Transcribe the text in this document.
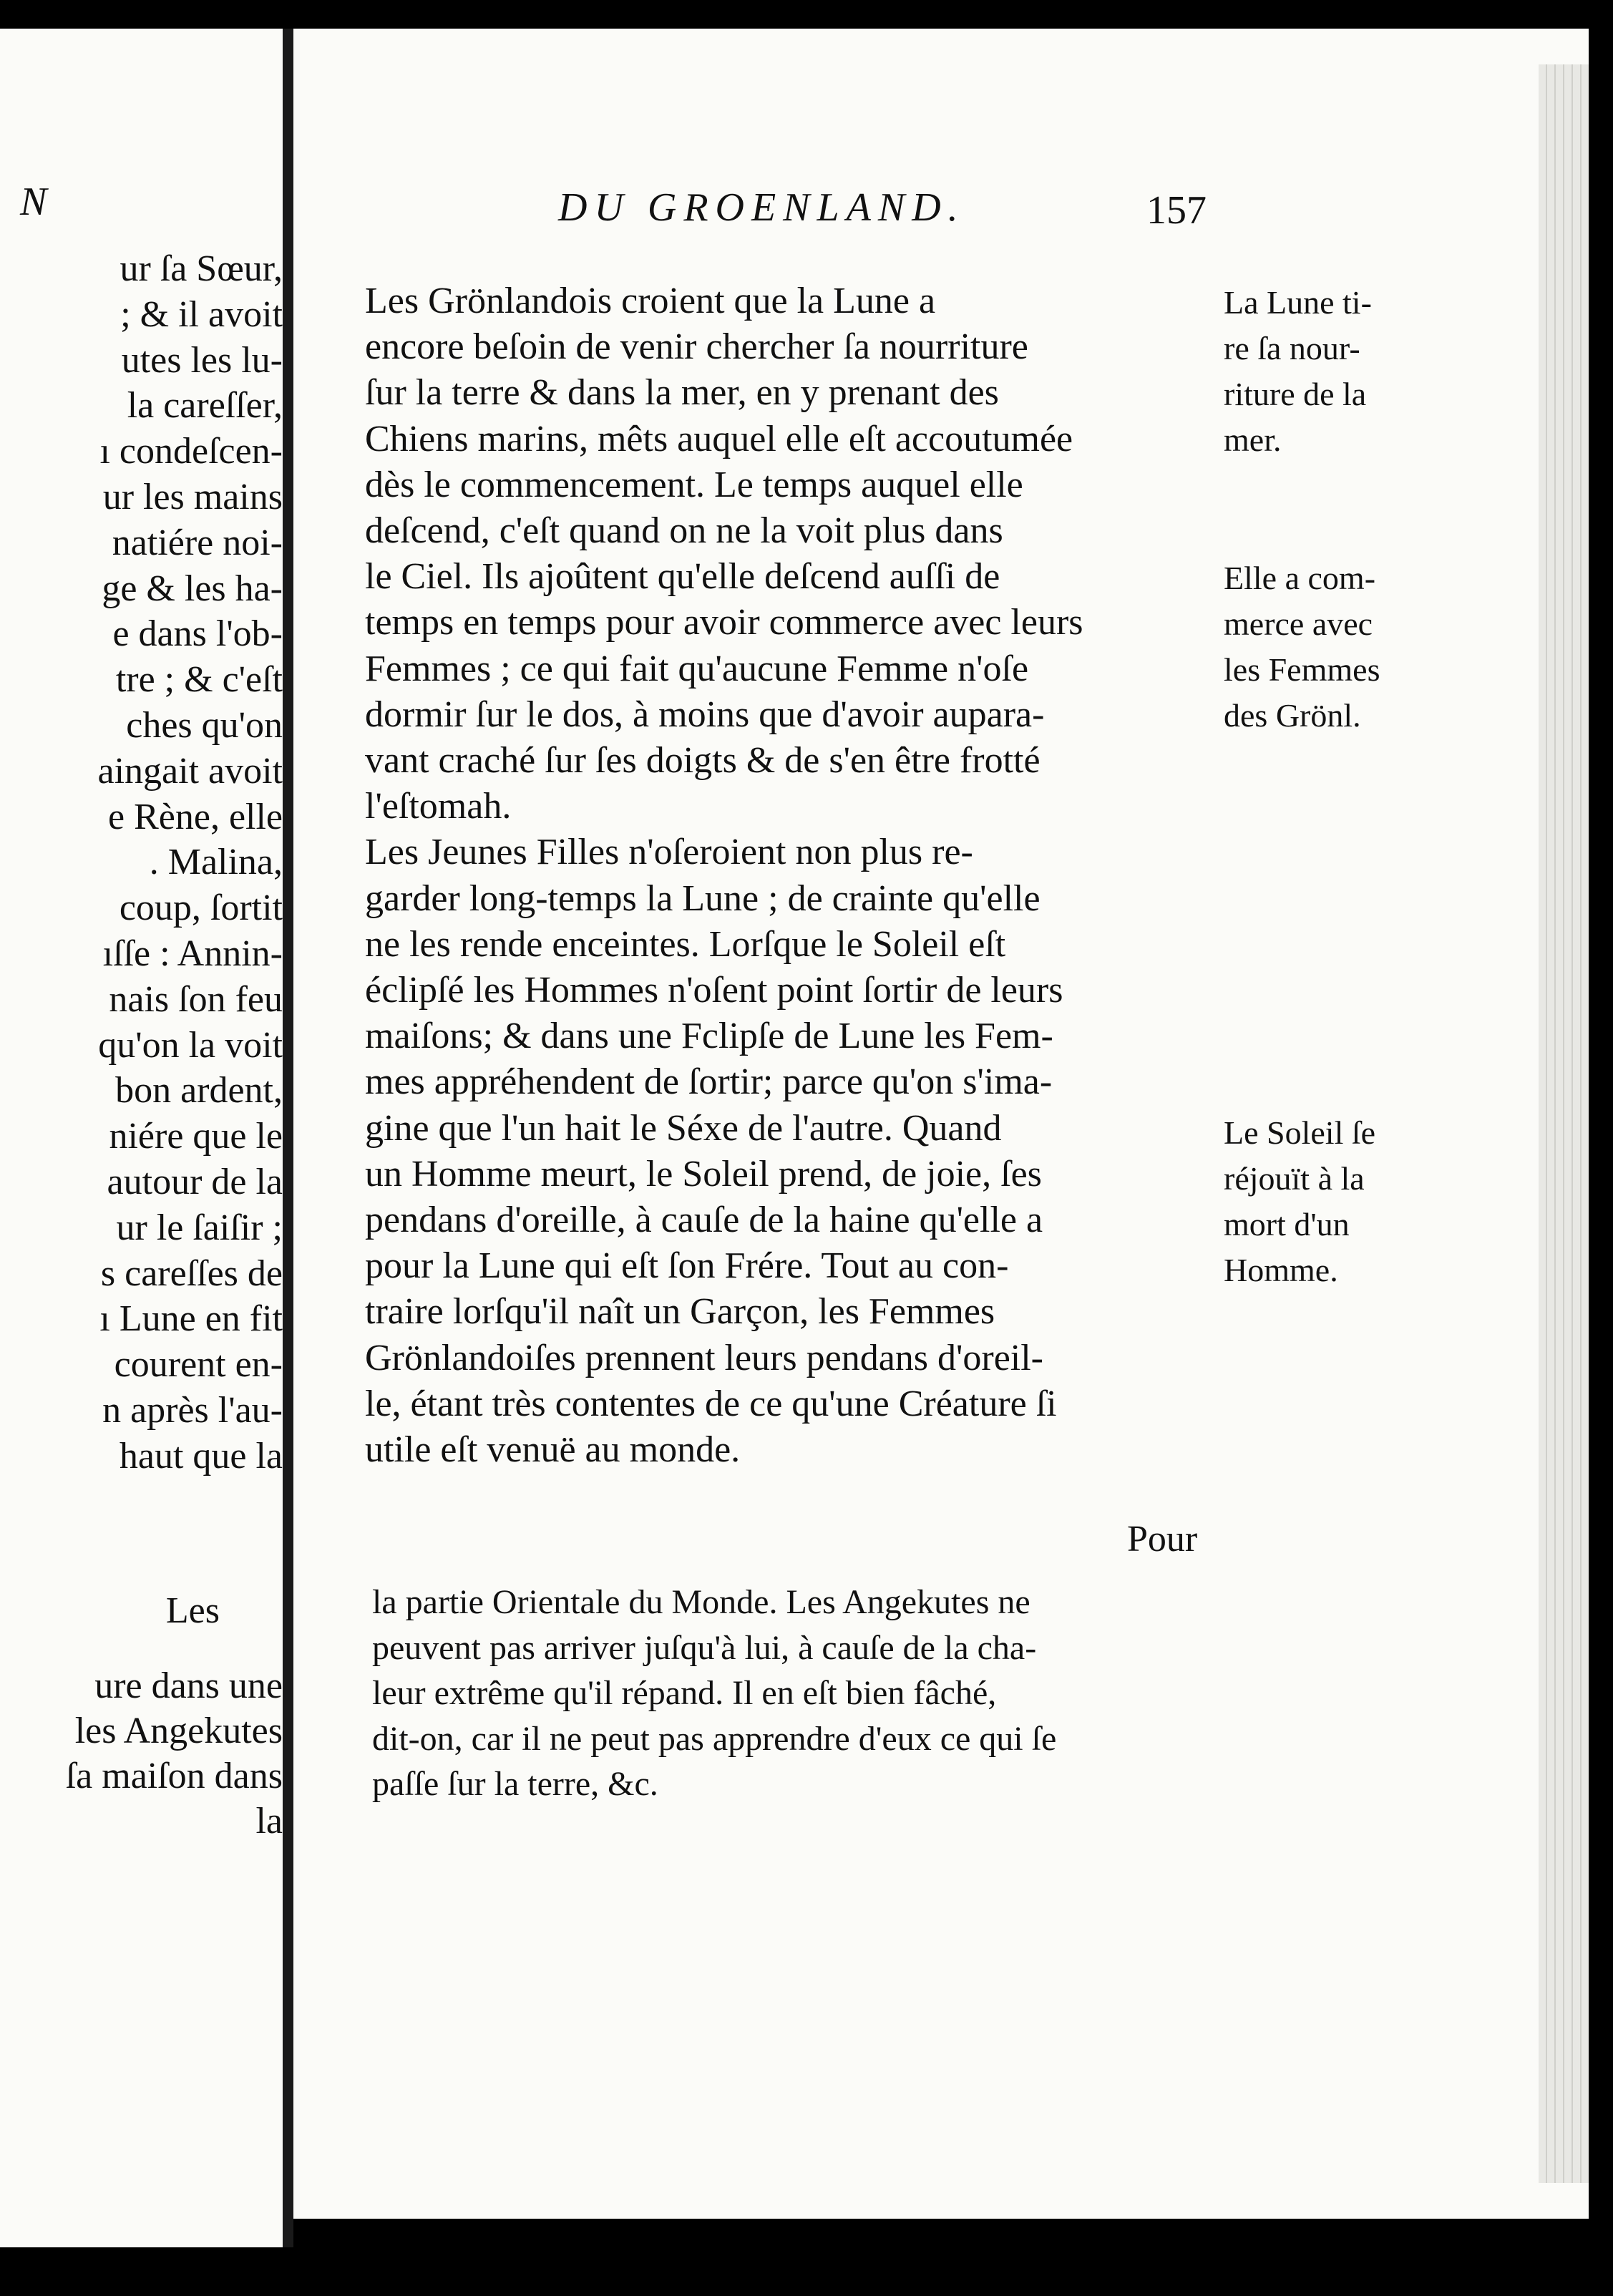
N
ur ſa Sœur,
; & il avoit
utes les lu-
la careſſer,
ı condeſcen-
ur les mains
natiére noi-
ge & les ha-
e dans l'ob-
tre ; & c'eſt
ches qu'on
aingait avoit
e Rène, elle
. Malina,
coup, ſortit
ıſſe : Annin-
nais ſon feu
qu'on la voit
bon ardent,
niére que le
autour de la
ur le ſaiſir ;
s careſſes de
ı Lune en fit
courent en-
n après l'au-
haut que la
Les
ure dans une
les Angekutes
ſa maiſon dans
la
DU GROENLAND.	157
Les Grönlandois croient que la Lune a
encore beſoin de venir chercher ſa nourriture
ſur la terre & dans la mer, en y prenant des
Chiens marins, mêts auquel elle eſt accoutumée
dès le commencement. Le temps auquel elle
deſcend, c'eſt quand on ne la voit plus dans
le Ciel. Ils ajoûtent qu'elle deſcend auſſi de
temps en temps pour avoir commerce avec leurs
Femmes ; ce qui fait qu'aucune Femme n'oſe
dormir ſur le dos, à moins que d'avoir aupara-
vant craché ſur ſes doigts & de s'en être frotté
l'eſtomah.
Les Jeunes Filles n'oſeroient non plus re-
garder long-temps la Lune ; de crainte qu'elle
ne les rende enceintes. Lorſque le Soleil eſt
éclipſé les Hommes n'oſent point ſortir de leurs
maiſons; & dans une Fclipſe de Lune les Fem-
mes appréhendent de ſortir; parce qu'on s'ima-
gine que l'un hait le Séxe de l'autre. Quand
un Homme meurt, le Soleil prend, de joie, ſes
pendans d'oreille, à cauſe de la haine qu'elle a
pour la Lune qui eſt ſon Frére. Tout au con-
traire lorſqu'il naît un Garçon, les Femmes
Grönlandoiſes prennent leurs pendans d'oreil-
le, étant très contentes de ce qu'une Créature ſi
utile eſt venuë au monde.
Pour
La Lune ti-
re ſa nour-
riture de la
mer.
Elle a com-
merce avec
les Femmes
des Grönl.
Le Soleil ſe
réjouït à la
mort d'un
Homme.
la partie Orientale du Monde. Les Angekutes ne
peuvent pas arriver juſqu'à lui, à cauſe de la cha-
leur extrême qu'il répand. Il en eſt bien fâché,
dit-on, car il ne peut pas apprendre d'eux ce qui ſe
paſſe ſur la terre, &c.
